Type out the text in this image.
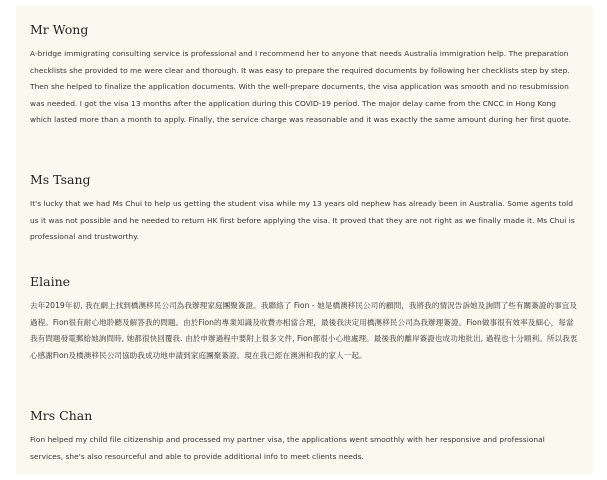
Mr Wong

A-bridge immigrating consulting service is professional and I recommend her to anyone that needs Australia immigration help. The preparation checklists she provided to me were clear and thorough. It was easy to prepare the required documents by following her checklists step by step. Then she helped to finalize the application documents. With the well-prepare documents, the visa application was smooth and no resubmission was needed. I got the visa 13 months after the application during this COVID-19 period. The major delay came from the CNCC in Hong Kong which lasted more than a month to apply. Finally, the service charge was reasonable and it was exactly the same amount during her first quote.

Ms Tsang

It's lucky that we had Ms Chui to help us getting the student visa while my 13 years old nephew has already been in Australia. Some agents told us it was not possible and he needed to return HK first before applying the visa. It proved that they are not right as we finally made it. Ms Chui is professional and trustworthy.

Elaine

去年2019年初, 我在網上找到橋澳移民公司為我辦理家庭團聚簽證。我聯絡了 Fion - 她是橋澳移民公司的顧問，我將我的情況告訴她及詢問了些有關簽證的事宜及過程。Fion很有耐心地聆聽及解答我的問題。由於Fion的專業知識及收費亦相當合理，最後我決定用橋澳移民公司為我辦理簽證。Fion做事很有效率及細心，每當我有問題發電郵給她詢問時, 她都很快回覆我. 由於申辦過程中要附上很多文件, Fion都很小心地處理。最後我的離岸簽證也成功地批出, 過程也十分順利。所以我衷心感謝Fion及橋澳移民公司協助我成功地申請到家庭團聚簽證。現在我已經在澳洲和我的家人一起。

Mrs Chan

Fion helped my child file citizenship and processed my partner visa, the applications went smoothly with her responsive and professional services, she's also resourceful and able to provide additional info to meet clients needs.
